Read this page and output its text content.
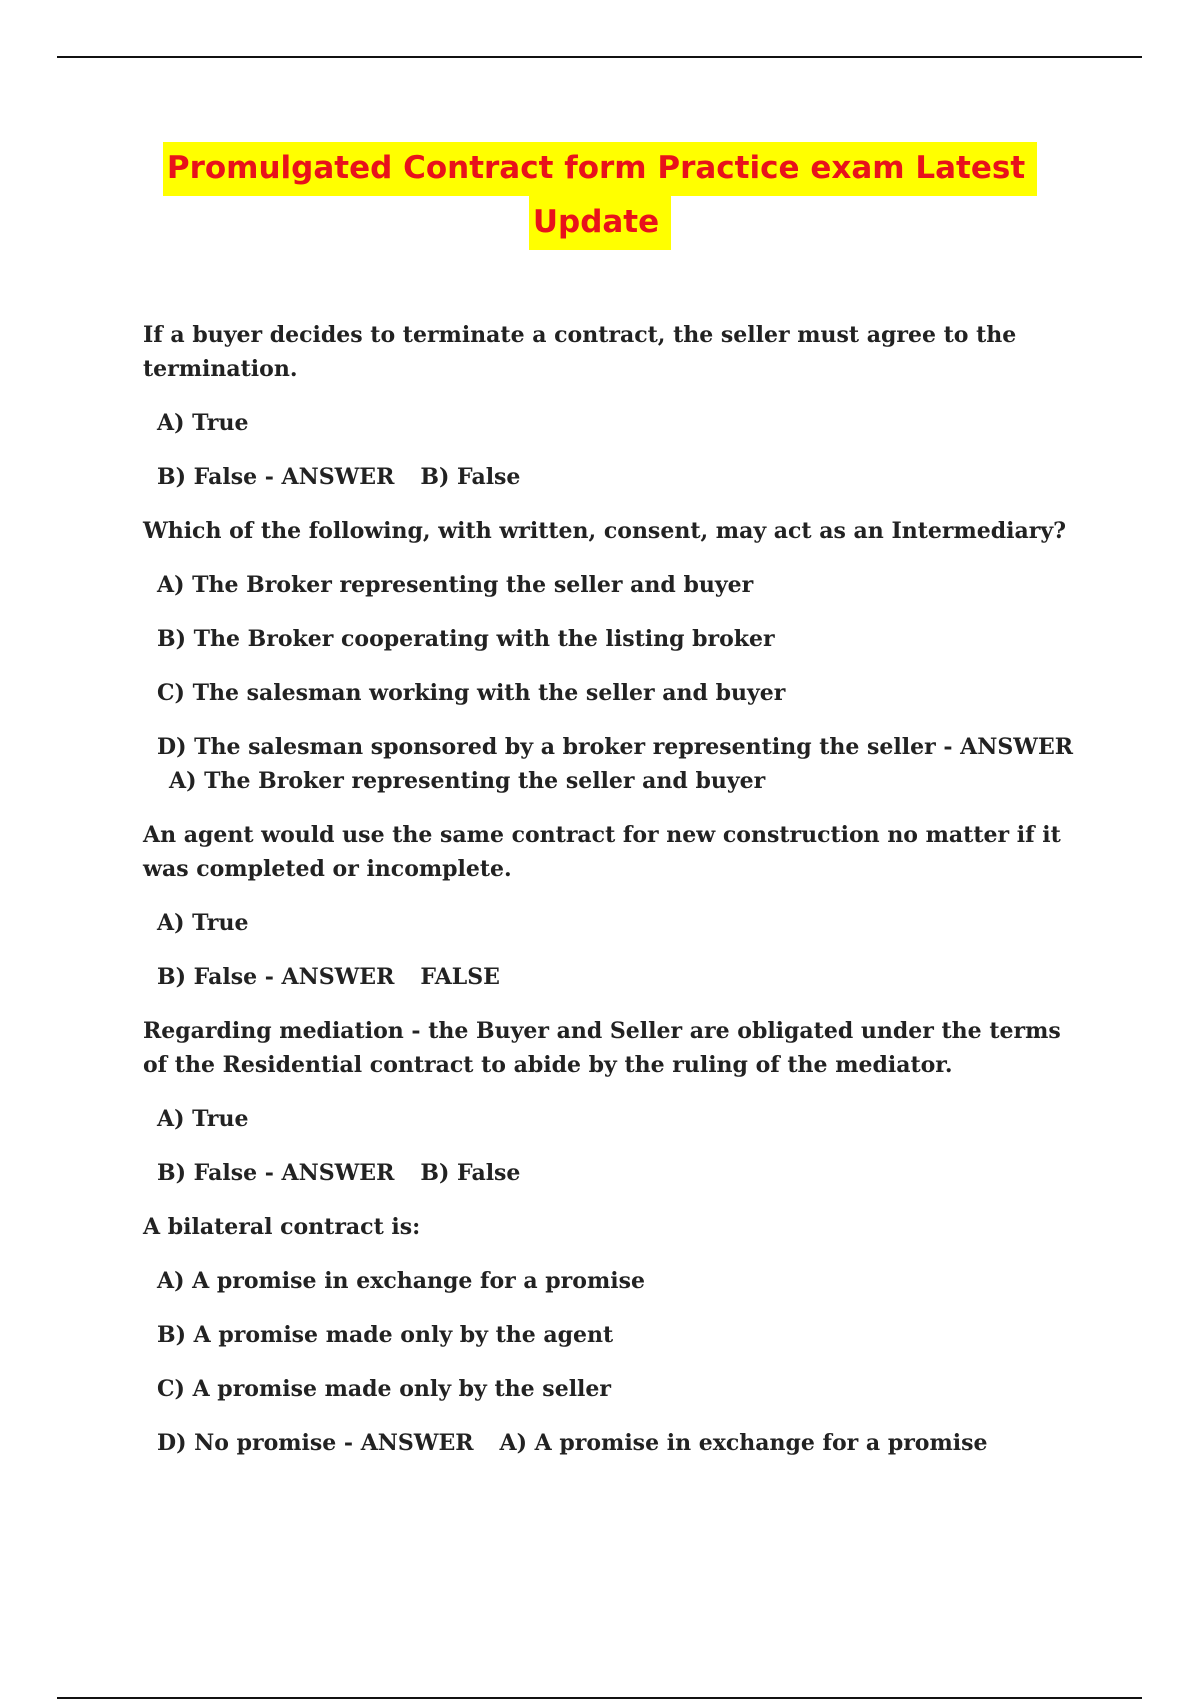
Promulgated Contract form Practice exam Latest
Update
If a buyer decides to terminate a contract, the seller must agree to the termination.
A) True
B) False - ANSWER B) False
Which of the following, with written, consent, may act as an Intermediary?
A) The Broker representing the seller and buyer
B) The Broker cooperating with the listing broker
C) The salesman working with the seller and buyer
D) The salesman sponsored by a broker representing the seller - ANSWERA) The Broker representing the seller and buyer
An agent would use the same contract for new construction no matter if it was completed or incomplete.
A) True
B) False - ANSWER FALSE
Regarding mediation - the Buyer and Seller are obligated under the terms of the Residential contract to abide by the ruling of the mediator.
A) True
B) False - ANSWER B) False
A bilateral contract is:
A) A promise in exchange for a promise
B) A promise made only by the agent
C) A promise made only by the seller
D) No promise - ANSWER A) A promise in exchange for a promise
